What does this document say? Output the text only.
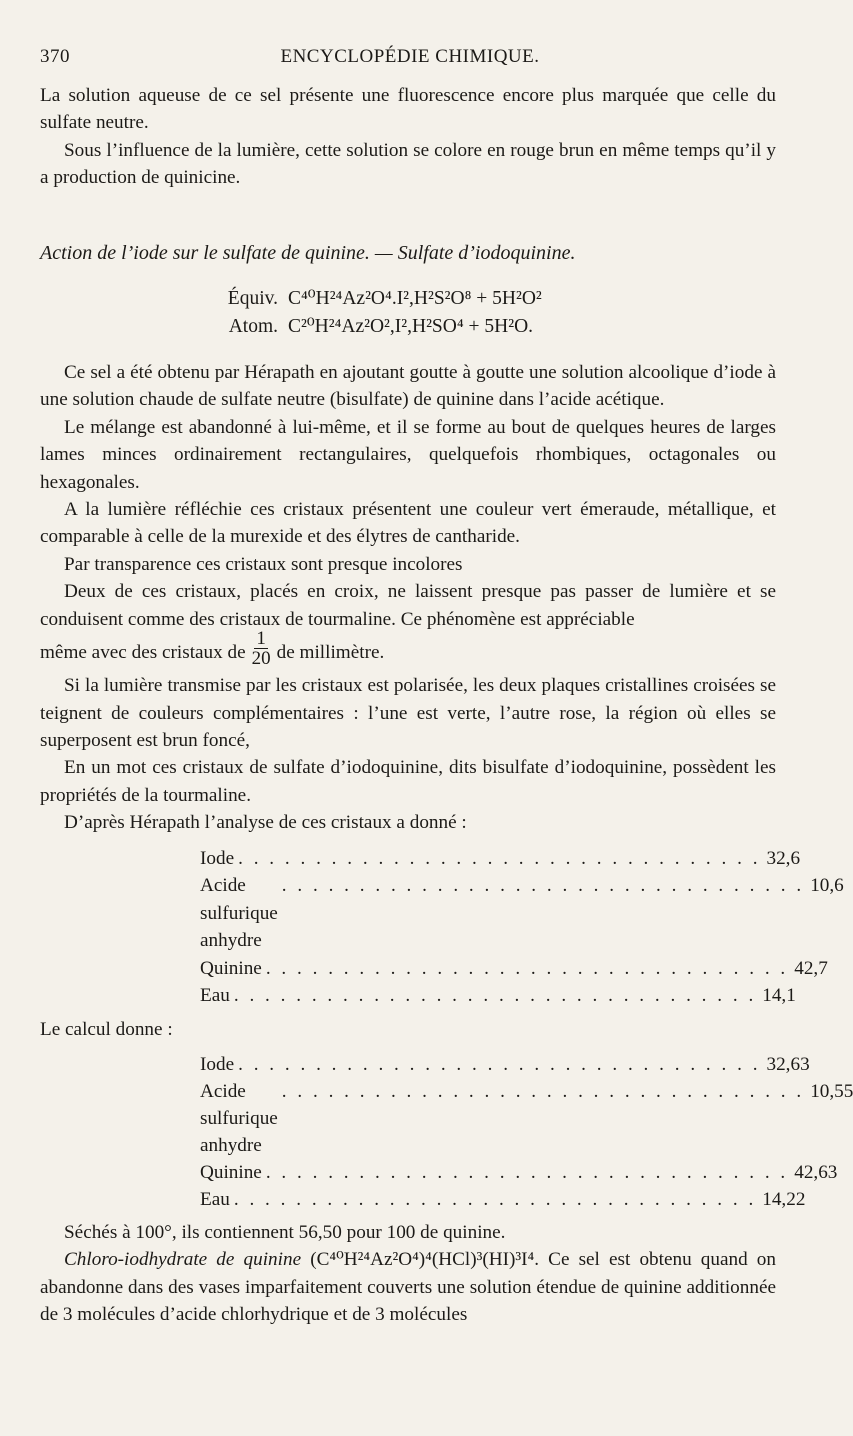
370	ENCYCLOPÉDIE CHIMIQUE.

La solution aqueuse de ce sel présente une fluorescence encore plus marquée que celle du sulfate neutre.

Sous l’influence de la lumière, cette solution se colore en rouge brun en même temps qu’il y a production de quinicine.

Action de l’iode sur le sulfate de quinine. — Sulfate d’iodoquinine.

Équiv. C⁴⁰H²⁴Az²O⁴.I²,H²S²O⁸ + 5H²O²
Atom. C²⁰H²⁴Az²O²,I²,H²SO⁴ + 5H²O.

Ce sel a été obtenu par Hérapath en ajoutant goutte à goutte une solution alcoolique d’iode à une solution chaude de sulfate neutre (bisulfate) de quinine dans l’acide acétique.

Le mélange est abandonné à lui-même, et il se forme au bout de quelques heures de larges lames minces ordinairement rectangulaires, quelquefois rhombiques, octagonales ou hexagonales.

A la lumière réfléchie ces cristaux présentent une couleur vert émeraude, métallique, et comparable à celle de la murexide et des élytres de cantharide.

Par transparence ces cristaux sont presque incolores

Deux de ces cristaux, placés en croix, ne laissent presque pas passer de lumière et se conduisent comme des cristaux de tourmaline. Ce phénomène est appréciable

même avec des cristaux de $\frac{1}{20}$ de millimètre.

Si la lumière transmise par les cristaux est polarisée, les deux plaques cristallines croisées se teignent de couleurs complémentaires : l’une est verte, l’autre rose, la région où elles se superposent est brun foncé,

En un mot ces cristaux de sulfate d’iodoquinine, dits bisulfate d’iodoquinine, possèdent les propriétés de la tourmaline.

D’après Hérapath l’analyse de ces cristaux a donné :

Iode . . . . . . . . . . . . . . . . . . . . . . . . . . . . . . . . . . 32,6
Acide sulfurique anhydre
. . . . . . . . . . . . . . . . . . . . . . . . . . . . . . . . . . 10,6
Quinine . . . . . . . . . . . . . . . . . . . . . . . . . . . . . . . . . . 42,7
Eau . . . . . . . . . . . . . . . . . . . . . . . . . . . . . . . . . . 14,1

Le calcul donne :

Iode . . . . . . . . . . . . . . . . . . . . . . . . . . . . . . . . . . 32,63
Acide sulfurique anhydre
. . . . . . . . . . . . . . . . . . . . . . . . . . . . . . . . . . 10,55
Quinine . . . . . . . . . . . . . . . . . . . . . . . . . . . . . . . . . . 42,63
Eau . . . . . . . . . . . . . . . . . . . . . . . . . . . . . . . . . . 14,22

Séchés à 100°, ils contiennent 56,50 pour 100 de quinine.

Chloro-iodhydrate de quinine (C⁴⁰H²⁴Az²O⁴)⁴(HCl)³(HI)³I⁴. Ce sel est obtenu quand on abandonne dans des vases imparfaitement couverts une solution étendue de quinine additionnée de 3 molécules d’acide chlorhydrique et de 3 molécules
